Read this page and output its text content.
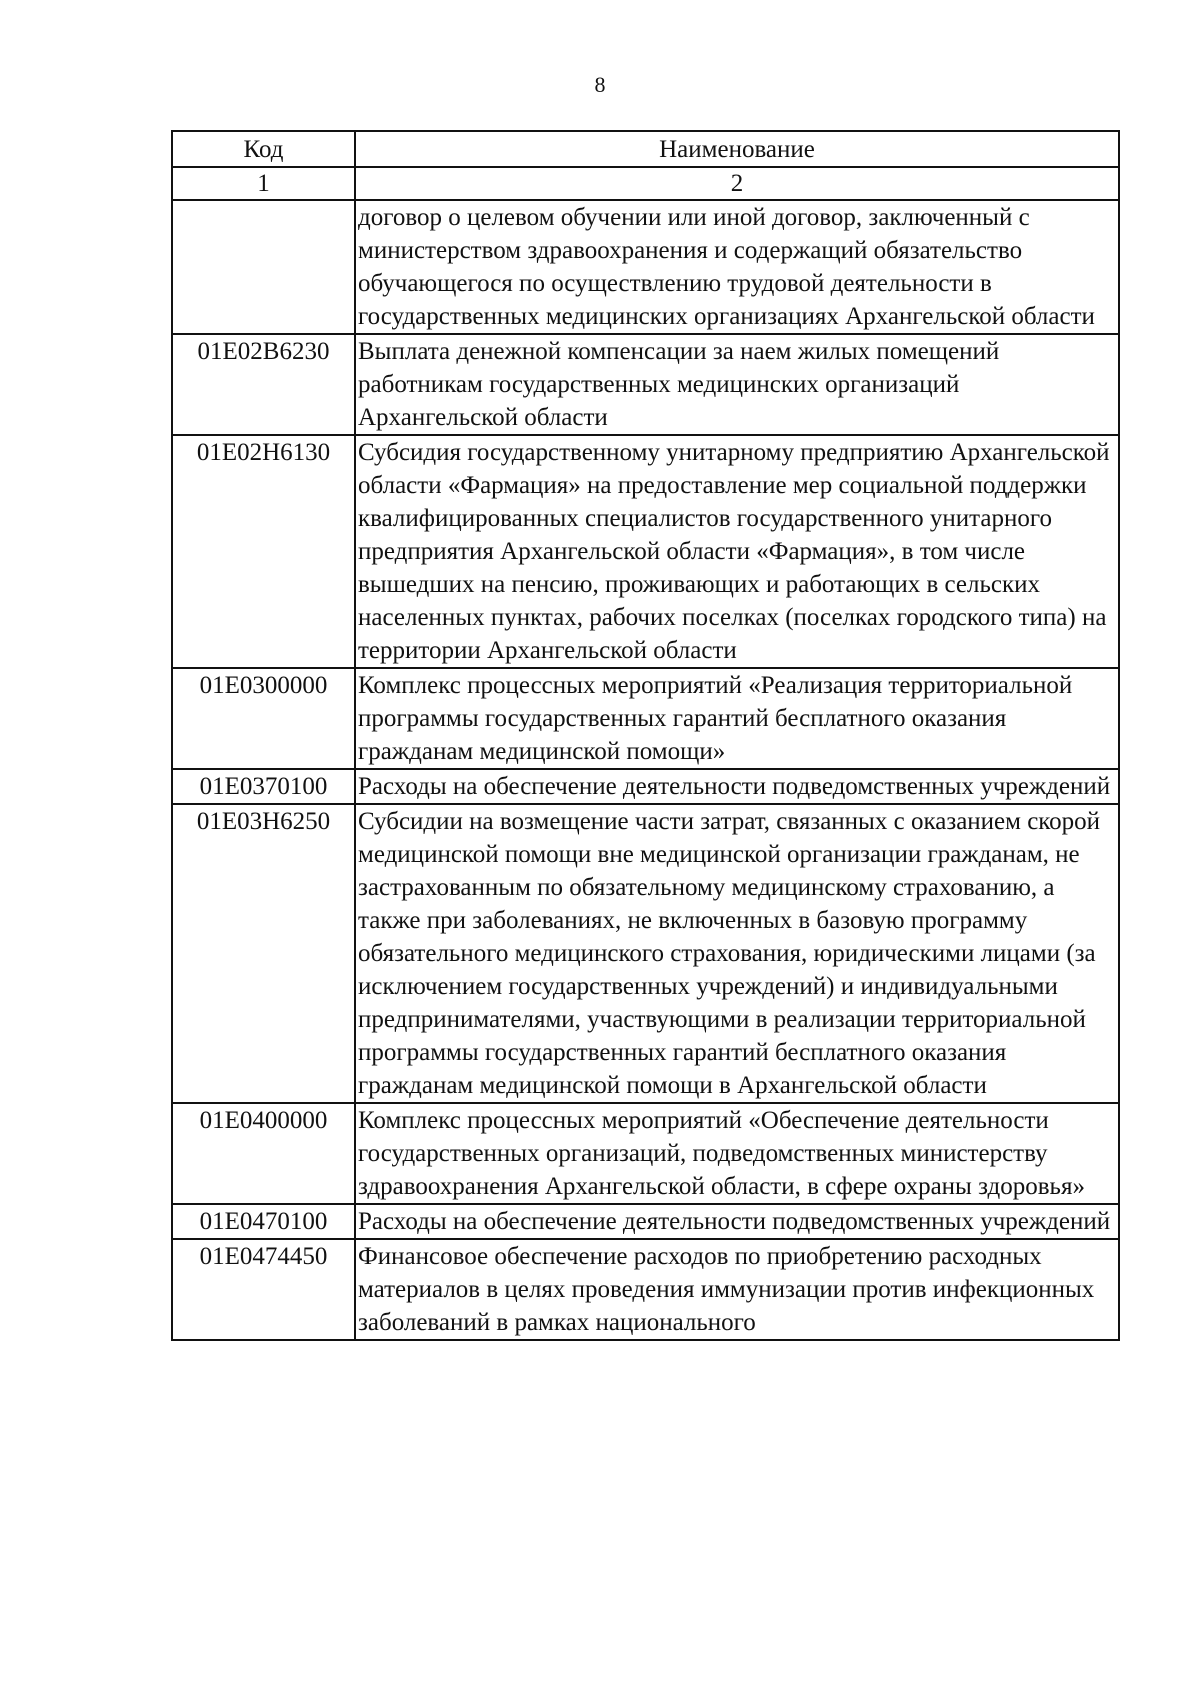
8
Код	Наименование
1	2
	договор о целевом обучении или иной договор, заключенный с министерством здравоохранения и содержащий обязательство обучающегося по осуществлению трудовой деятельности в государственных медицинских организациях Архангельской области
01Е02В6230	Выплата денежной компенсации за наем жилых помещений работникам государственных медицинских организаций Архангельской области
01Е02Н6130	Субсидия государственному унитарному предприятию Архангельской области «Фармация» на предоставление мер социальной поддержки квалифицированных специалистов государственного унитарного предприятия Архангельской области «Фармация», в том числе вышедших на пенсию, проживающих и работающих в сельских населенных пунктах, рабочих поселках (поселках городского типа) на территории Архангельской области
01Е0300000	Комплекс процессных мероприятий «Реализация территориальной программы государственных гарантий бесплатного оказания гражданам медицинской помощи»
01Е0370100	Расходы на обеспечение деятельности подведомственных учреждений
01Е03Н6250	Субсидии на возмещение части затрат, связанных с оказанием скорой медицинской помощи вне медицинской организации гражданам, не застрахованным по обязательному медицинскому страхованию, а также при заболеваниях, не включенных в базовую программу обязательного медицинского страхования, юридическими лицами (за исключением государственных учреждений) и индивидуальными предпринимателями, участвующими в реализации территориальной программы государственных гарантий бесплатного оказания гражданам медицинской помощи в Архангельской области
01Е0400000	Комплекс процессных мероприятий «Обеспечение деятельности государственных организаций, подведомственных министерству здравоохранения Архангельской области, в сфере охраны здоровья»
01Е0470100	Расходы на обеспечение деятельности подведомственных учреждений
01Е0474450	Финансовое обеспечение расходов по приобретению расходных материалов в целях проведения иммунизации против инфекционных заболеваний в рамках национального
